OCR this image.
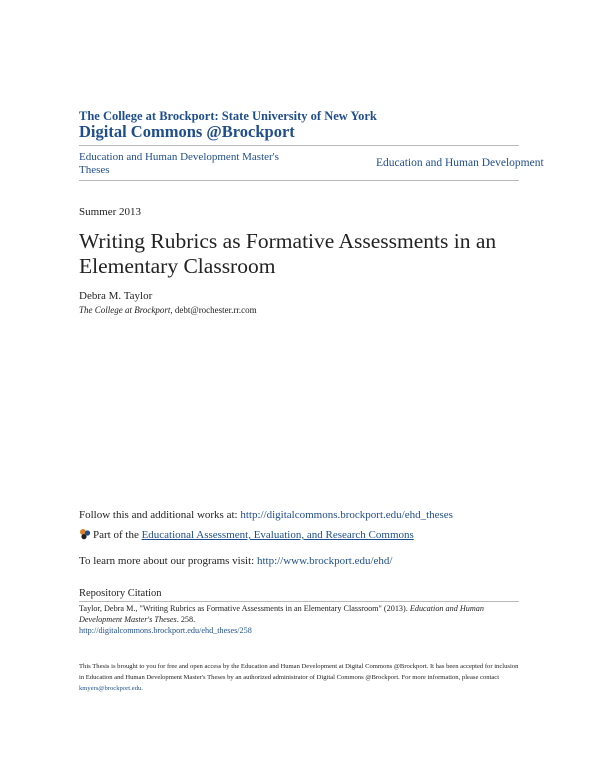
The College at Brockport: State University of New York
Digital Commons @Brockport
Education and Human Development Master's Theses
Education and Human Development
Summer 2013
Writing Rubrics as Formative Assessments in an Elementary Classroom
Debra M. Taylor
The College at Brockport, debt@rochester.rr.com
Follow this and additional works at: http://digitalcommons.brockport.edu/ehd_theses
Part of the Educational Assessment, Evaluation, and Research Commons
To learn more about our programs visit: http://www.brockport.edu/ehd/
Repository Citation
Taylor, Debra M., "Writing Rubrics as Formative Assessments in an Elementary Classroom" (2013). Education and Human Development Master's Theses. 258.
http://digitalcommons.brockport.edu/ehd_theses/258
This Thesis is brought to you for free and open access by the Education and Human Development at Digital Commons @Brockport. It has been accepted for inclusion in Education and Human Development Master's Theses by an authorized administrator of Digital Commons @Brockport. For more information, please contact kmyers@brockport.edu.
